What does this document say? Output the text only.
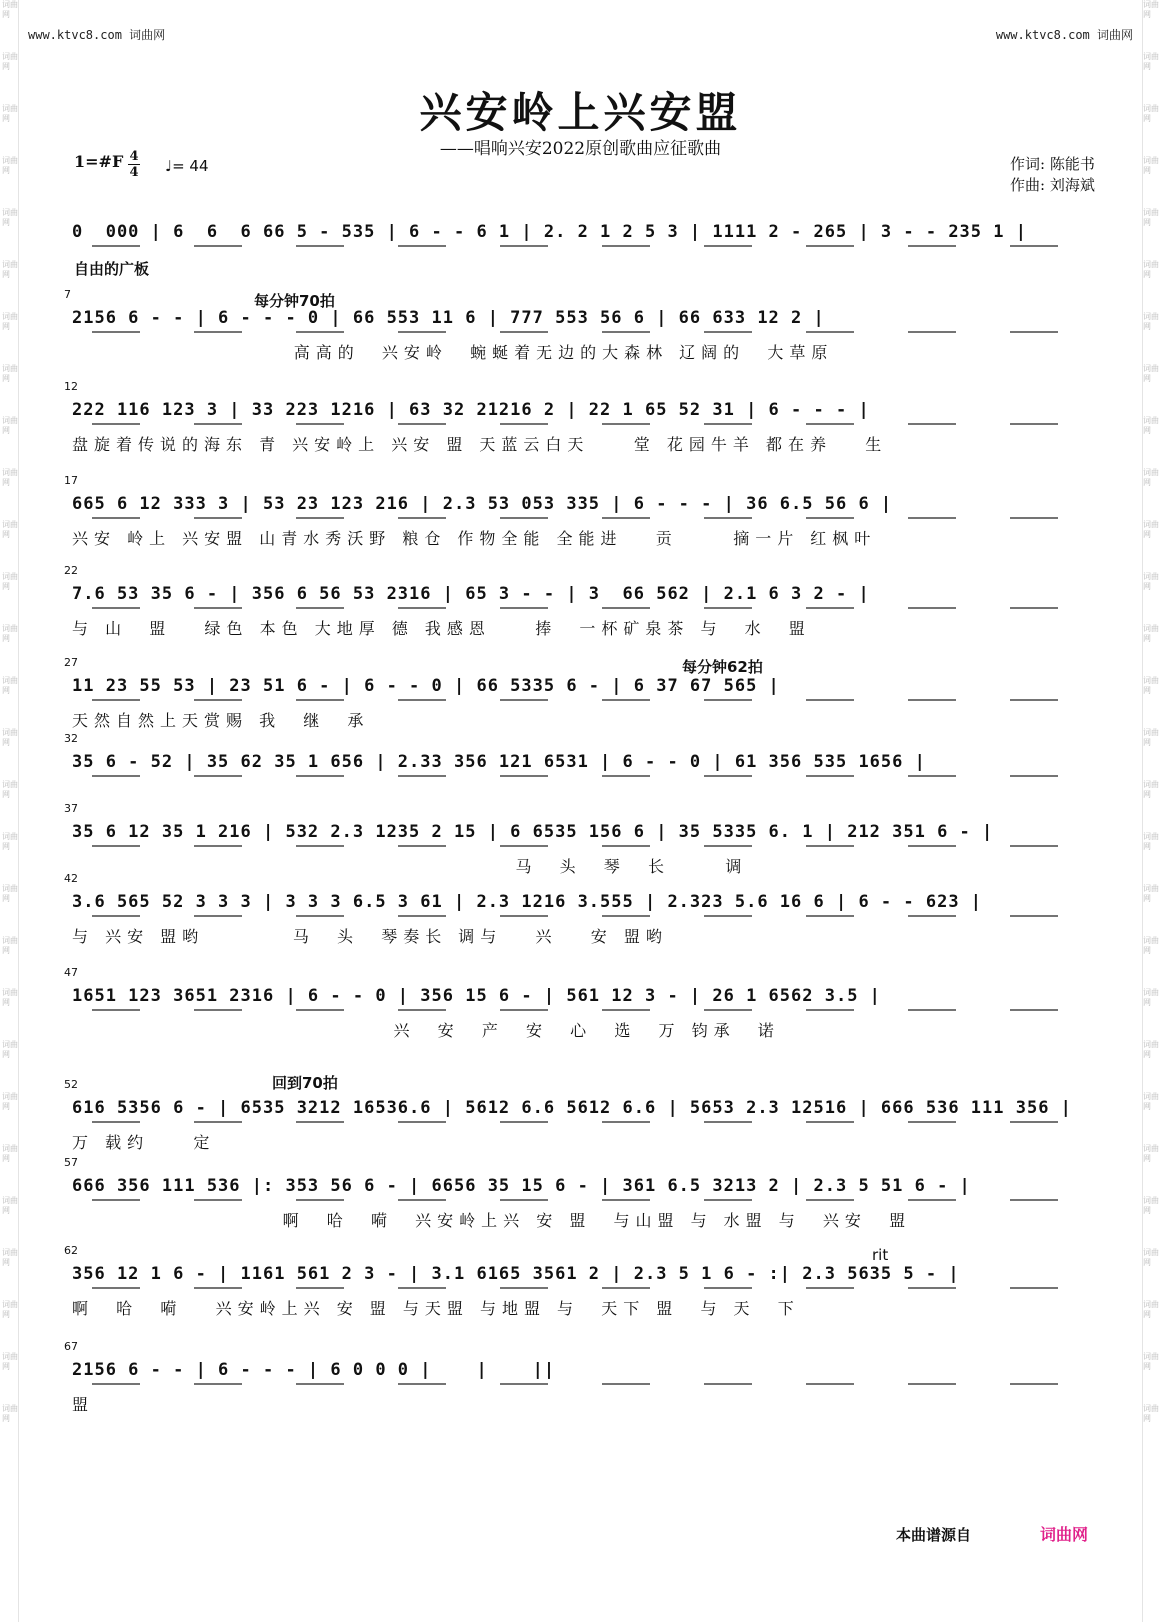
词曲网
词曲网
词曲网
词曲网
词曲网
词曲网
词曲网
词曲网
词曲网
词曲网
词曲网
词曲网
词曲网
词曲网
词曲网
词曲网
词曲网
词曲网
词曲网
词曲网
词曲网
词曲网
词曲网
词曲网
词曲网
词曲网
词曲网
词曲网
词曲网
词曲网
词曲网
词曲网
词曲网
词曲网
词曲网
词曲网
词曲网
词曲网
词曲网
词曲网
词曲网
词曲网
词曲网
词曲网
词曲网
词曲网
词曲网
词曲网
词曲网
词曲网
词曲网
词曲网
词曲网
词曲网
词曲网
词曲网
www.ktvc8.com 词曲网	www.ktvc8.com 词曲网
兴安岭上兴安盟
——唱响兴安2022原创歌曲应征歌曲
1=#F 4
4 ♩= 44	作词: 陈能书
作曲: 刘海斌
0  000 | 6  6  6 66 5 - 535 | 6 - - 6 1 | 2. 2 1 2 5 3 | 1111 2 - 265 | 3 - - 235 1 |
7
2156 6 - - | 6 - - - 0 | 66 553 11 6 | 777 553 56 6 | 66 633 12 2 |
高高的  兴安岭  蜿蜒着无边的大森林 辽阔的  大草原
12
222 116 123 3 | 33 223 1216 | 63 32 21216 2 | 22 1 65 52 31 | 6 - - - |
盘旋着传说的海东 青 兴安岭上 兴安 盟 天蓝云白天    堂 花园牛羊 都在养   生
17
665 6 12 333 3 | 53 23 123 216 | 2.3 53 053 335 | 6 - - - | 36 6.5 56 6 |
兴安 岭上 兴安盟 山青水秀沃野 粮仓 作物全能 全能进   贡     摘一片 红枫叶
22
7.6 53 35 6 - | 356 6 56 53 2316 | 65 3 - - | 3  66 562 | 2.1 6 3 2 - |
与 山  盟   绿色 本色 大地厚 德 我感恩    捧  一杯矿泉茶 与  水  盟
27
11 23 55 53 | 23 51 6 - | 6 - - 0 | 66 5335 6 - | 6 37 67 565 |
天然自然上天赏赐 我  继  承
32
35 6 - 52 | 35 62 35 1 656 | 2.33 356 121 6531 | 6 - - 0 | 61 356 535 1656 |
37
35 6 12 35 1 216 | 532 2.3 1235 2 15 | 6 6535 156 6 | 35 5335 6. 1 | 212 351 6 - |
马  头  琴  长     调
42
3.6 565 52 3 3 3 | 3 3 3 6.5 3 61 | 2.3 1216 3.555 | 2.323 5.6 16 6 | 6 - - 623 |
与 兴安 盟哟        马  头  琴奏长 调与   兴   安 盟哟
47
1651 123 3651 2316 | 6 - - 0 | 356 15 6 - | 561 12 3 - | 26 1 6562 3.5 |
兴  安  产  安  心  选  万 钧承  诺
52
616 5356 6 - | 6535 3212 16536.6 | 5612 6.6 5612 6.6 | 5653 2.3 12516 | 666 536 111 356 |
万 载约    定
57
666 356 111 536 |: 353 56 6 - | 6656 35 15 6 - | 361 6.5 3213 2 | 2.3 5 51 6 - |
啊  哈  嗬  兴安岭上兴 安 盟  与山盟 与 水盟 与  兴安  盟
62
356 12 1 6 - | 1161 561 2 3 - | 3.1 6165 3561 2 | 2.3 5 1 6 - :| 2.3 5635 5 - |
啊  哈  嗬   兴安岭上兴 安 盟 与天盟 与地盟 与  天下 盟  与 天  下
67
2156 6 - - | 6 - - - | 6 0 0 0 |    |    ||
盟
自由的广板
每分钟70拍
每分钟62拍
回到70拍
rit
本曲谱源自	词曲网
